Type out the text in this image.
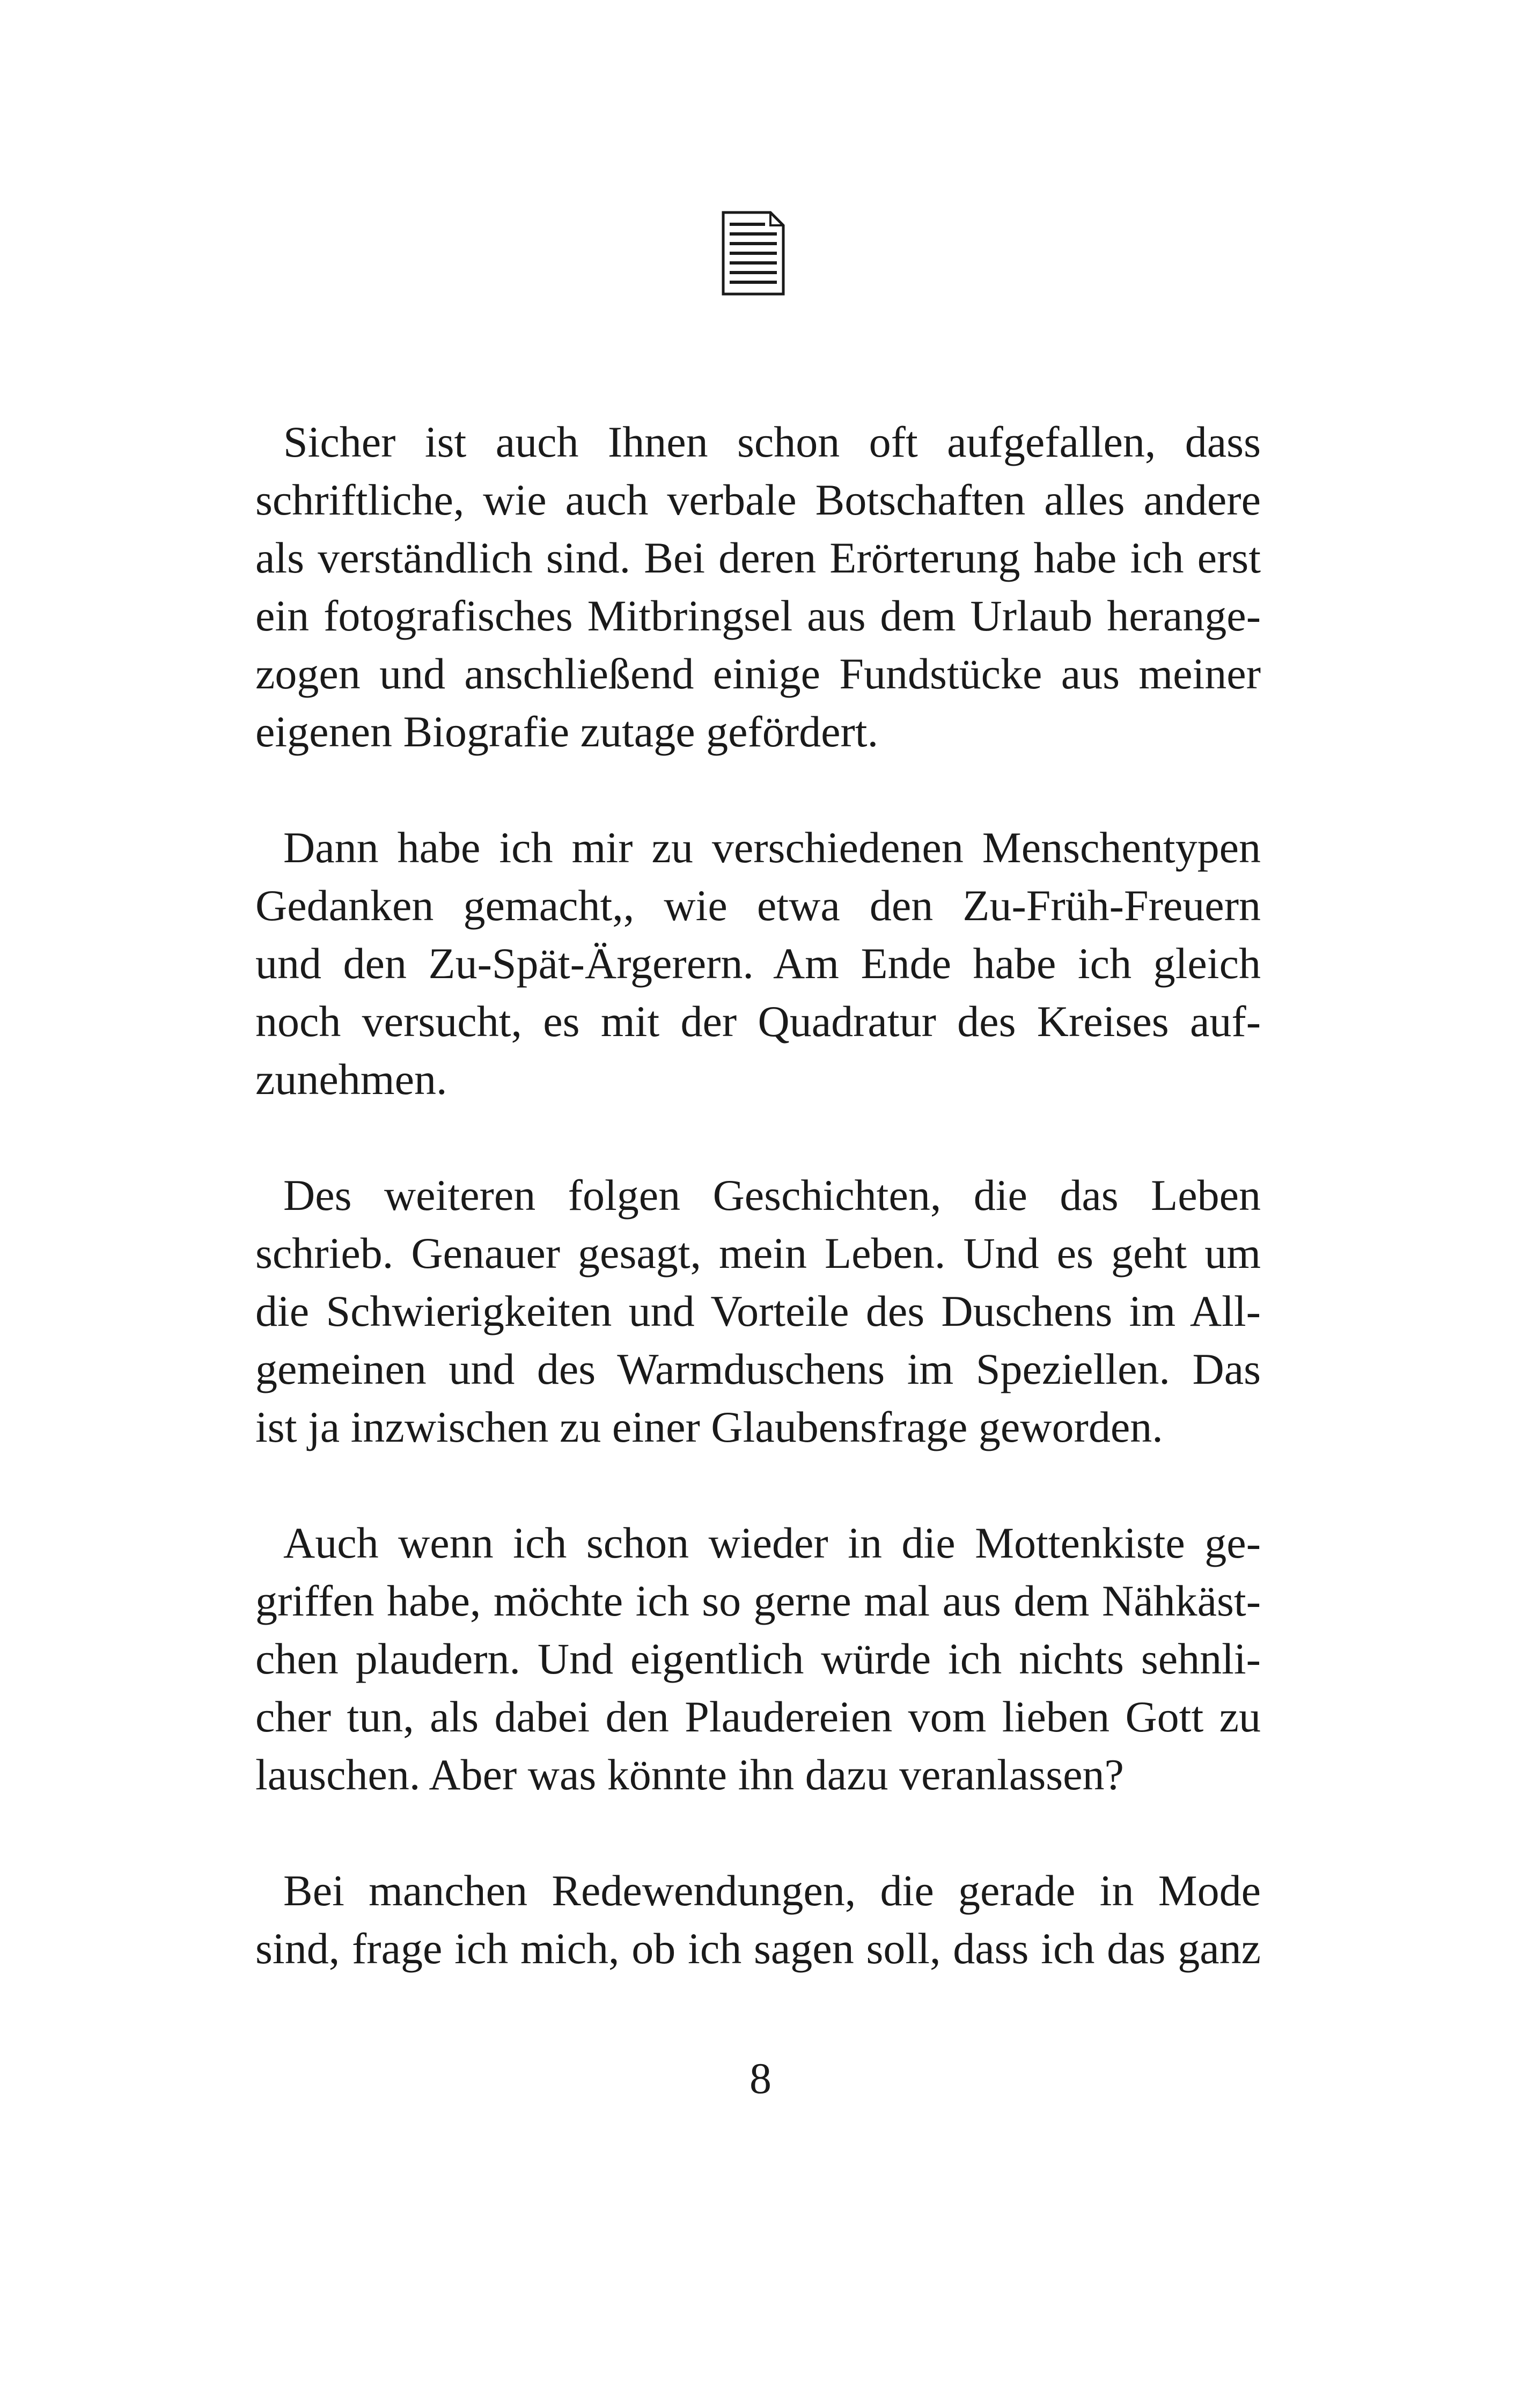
Sicher ist auch Ihnen schon oft aufgefallen, dass
schriftliche, wie auch verbale Botschaften alles andere
als verständlich sind. Bei deren Erörterung habe ich erst
ein fotografisches Mitbringsel aus dem Urlaub herange-
zogen und anschließend einige Fundstücke aus meiner
eigenen Biografie zutage gefördert.

Dann habe ich mir zu verschiedenen Menschentypen
Gedanken gemacht,, wie etwa den Zu-Früh-Freuern
und den Zu-Spät-Ärgerern. Am Ende habe ich gleich
noch versucht, es mit der Quadratur des Kreises auf-
zunehmen.

Des weiteren folgen Geschichten, die das Leben
schrieb. Genauer gesagt, mein Leben. Und es geht um
die Schwierigkeiten und Vorteile des Duschens im All-
gemeinen und des Warmduschens im Speziellen. Das
ist ja inzwischen zu einer Glaubensfrage geworden.

Auch wenn ich schon wieder in die Mottenkiste ge-
griffen habe, möchte ich so gerne mal aus dem Nähkäst-
chen plaudern. Und eigentlich würde ich nichts sehnli-
cher tun, als dabei den Plaudereien vom lieben Gott zu
lauschen. Aber was könnte ihn dazu veranlassen?

Bei manchen Redewendungen, die gerade in Mode
sind, frage ich mich, ob ich sagen soll, dass ich das ganz

8
